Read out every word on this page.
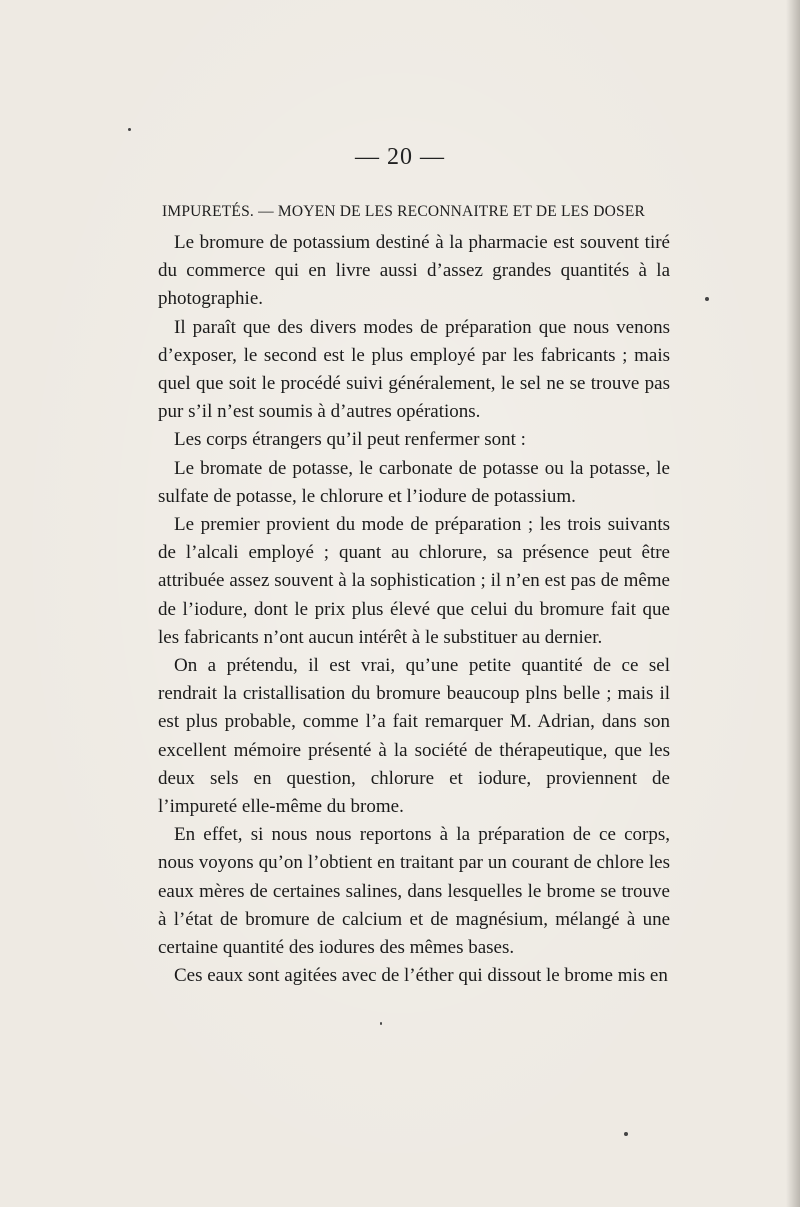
— 20 —
IMPURETÉS. — MOYEN DE LES RECONNAITRE ET DE LES DOSER

Le bromure de potassium destiné à la pharmacie est souvent tiré du commerce qui en livre aussi d’assez grandes quantités à la photographie.

Il paraît que des divers modes de préparation que nous venons d’exposer, le second est le plus employé par les fabricants ; mais quel que soit le procédé suivi généralement, le sel ne se trouve pas pur s’il n’est soumis à d’autres opérations.

Les corps étrangers qu’il peut renfermer sont :

Le bromate de potasse, le carbonate de potasse ou la potasse, le sulfate de potasse, le chlorure et l’iodure de potassium.

Le premier provient du mode de préparation ; les trois suivants de l’alcali employé ; quant au chlorure, sa présence peut être attribuée assez souvent à la sophistication ; il n’en est pas de même de l’iodure, dont le prix plus élevé que celui du bromure fait que les fabricants n’ont aucun intérêt à le substituer au dernier.

On a prétendu, il est vrai, qu’une petite quantité de ce sel rendrait la cristallisation du bromure beaucoup plns belle ; mais il est plus probable, comme l’a fait remarquer M. Adrian, dans son excellent mémoire présenté à la société de thérapeutique, que les deux sels en question, chlorure et iodure, proviennent de l’impureté elle-même du brome.

En effet, si nous nous reportons à la préparation de ce corps, nous voyons qu’on l’obtient en traitant par un courant de chlore les eaux mères de certaines salines, dans lesquelles le brome se trouve à l’état de bromure de calcium et de magnésium, mélangé à une certaine quantité des iodures des mêmes bases.

Ces eaux sont agitées avec de l’éther qui dissout le brome mis en
